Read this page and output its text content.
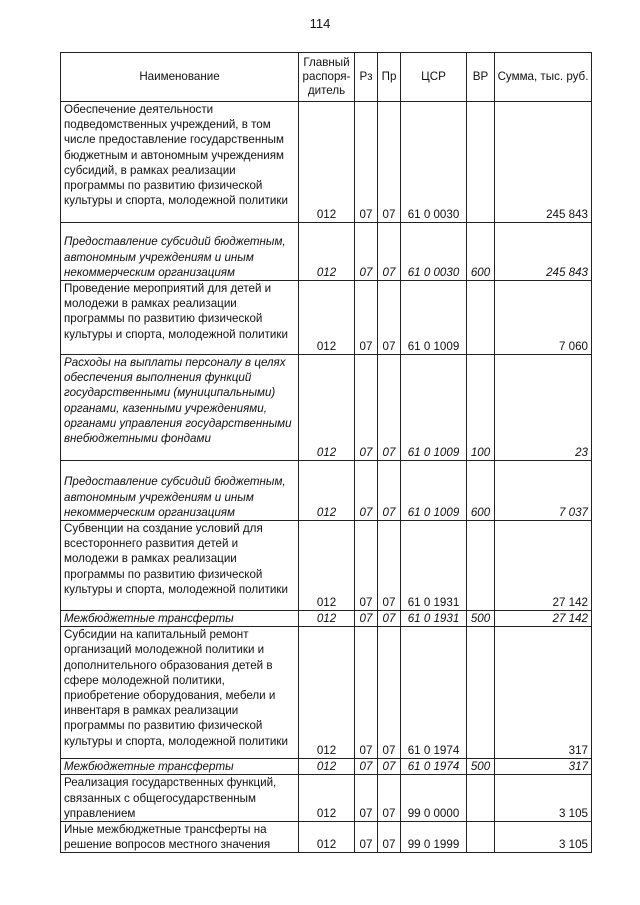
114
Наименование	Главный распоря-дитель	Рз	Пр	ЦСР	ВР	Сумма, тыс. руб.

Обеспечение деятельности подведомственных учреждений, в том числе предоставление государственным бюджетным и автономным учреждениям субсидий, в рамках реализации программы по развитию физической культуры и спорта, молодежной политики	012	07	07	61 0 0030		245 843

Предоставление субсидий бюджетным, автономным учреждениям и иным некоммерческим организациям	012	07	07	61 0 0030	600	245 843

Проведение мероприятий для детей и молодежи в рамках реализации программы по развитию физической культуры и спорта, молодежной политики	012	07	07	61 0 1009		7 060

Расходы на выплаты персоналу в целях обеспечения выполнения функций государственными (муниципальными) органами, казенными учреждениями, органами управления государственными внебюджетными фондами	012	07	07	61 0 1009	100	23

Предоставление субсидий бюджетным, автономным учреждениям и иным некоммерческим организациям	012	07	07	61 0 1009	600	7 037

Субвенции на создание условий для всестороннего развития детей и молодежи в рамках реализации программы по развитию физической культуры и спорта, молодежной политики	012	07	07	61 0 1931		27 142

Межбюджетные трансферты	012	07	07	61 0 1931	500	27 142

Субсидии на капитальный ремонт организаций молодежной политики и дополнительного образования детей в сфере молодежной политики, приобретение оборудования, мебели и инвентаря в рамках реализации программы по развитию физической культуры и спорта, молодежной политики	012	07	07	61 0 1974		317

Межбюджетные трансферты	012	07	07	61 0 1974	500	317

Реализация государственных функций, связанных с общегосударственным управлением	012	07	07	99 0 0000		3 105

Иные межбюджетные трансферты на решение вопросов местного значения	012	07	07	99 0 1999		3 105
